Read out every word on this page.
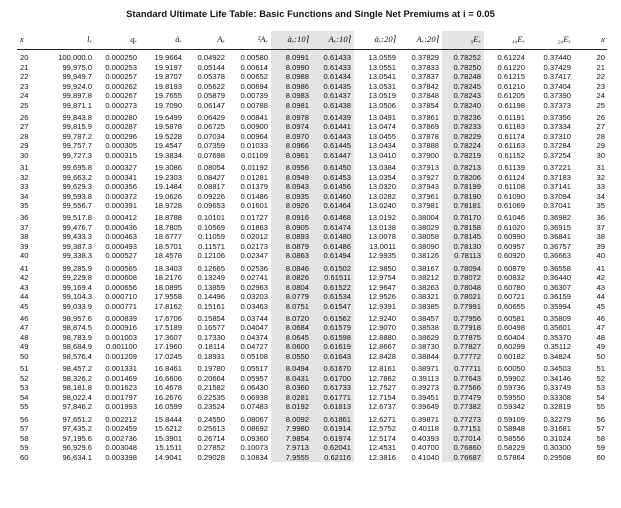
Standard Ultimate Life Table: Basic Functions and Single Net Premiums at i = 0.05
x	lₓ	qₓ	äₓ	Aₓ	²Aₓ	äₓ:10⌉	Aₓ:10⌉	äₓ:20⌉	Aₓ:20⌉	₅Eₓ	₁₀Eₓ	₂₀Eₓ	x
20	100,000.0	0.000250	19.9664	0.04922	0.00580	8.0991	0.61433	13.0559	0.37829	0.78252	0.61224	0.37440	20
21	99,975.0	0.000253	19.9197	0.05144	0.00614	8.0990	0.61433	13.0551	0.37833	0.78250	0.61220	0.37429	21
22	99,949.7	0.000257	19.8707	0.05378	0.00652	8.0988	0.61434	13.0541	0.37837	0.78248	0.61215	0.37417	22
23	99,924.0	0.000262	19.8193	0.05622	0.00694	8.0986	0.61435	13.0531	0.37842	0.78245	0.61210	0.37404	23
24	99,897.8	0.000267	19.7655	0.05879	0.00739	8.0983	0.61437	13.0519	0.37848	0.78243	0.61205	0.37390	24
25	99,871.1	0.000273	19.7090	0.06147	0.00788	8.0981	0.61438	13.0506	0.37854	0.78240	0.61198	0.37373	25

26	99,843.8	0.000280	19.6499	0.06429	0.00841	8.0978	0.61439	13.0491	0.37861	0.78236	0.61191	0.37356	26
27	99,815.9	0.000287	19.5878	0.06725	0.00900	8.0974	0.61441	13.0474	0.37869	0.78233	0.61183	0.37334	27
28	99,787.2	0.000296	19.5228	0.07034	0.00964	8.0970	0.61443	13.0455	0.37878	0.78229	0.61174	0.37310	28
29	99,757.7	0.000305	19.4547	0.07359	0.01033	8.0966	0.61445	13.0434	0.37888	0.78224	0.61163	0.37284	29
30	99,727.3	0.000315	19.3834	0.07698	0.01109	8.0961	0.61447	13.0410	0.37900	0.78219	0.61152	0.37254	30

31	99,695.8	0.000327	19.3086	0.08054	0.01192	8.0956	0.61450	13.0384	0.37913	0.78213	0.61139	0.37221	31
32	99,663.2	0.000341	19.2303	0.08427	0.01281	8.0949	0.61453	13.0354	0.37927	0.78206	0.61124	0.37183	32
33	99,629.3	0.000356	19.1484	0.08817	0.01379	8.0943	0.61456	13.0320	0.37943	0.78199	0.61108	0.37141	33
34	99,593.8	0.000372	19.0626	0.09226	0.01486	8.0935	0.61460	13.0282	0.37961	0.78190	0.61090	0.37094	34
35	99,556.7	0.000391	18.9728	0.09653	0.01601	8.0926	0.61464	13.0240	0.37981	0.78181	0.61069	0.37041	35

36	99,517.8	0.000412	18.8788	0.10101	0.01727	8.0916	0.61468	13.0192	0.38004	0.78170	0.61046	0.36982	36
37	99,476.7	0.000436	18.7805	0.10569	0.01863	8.0905	0.61474	13.0138	0.38029	0.78158	0.61020	0.36915	37
38	99,433.3	0.000463	18.6777	0.11059	0.02012	8.0893	0.61480	13.0078	0.38058	0.78145	0.60990	0.36841	38
39	99,387.3	0.000493	18.5701	0.11571	0.02173	8.0879	0.61486	13.0011	0.38090	0.78130	0.60957	0.36757	39
40	99,338.3	0.000527	18.4578	0.12106	0.02347	8.0863	0.61494	12.9935	0.38126	0.78113	0.60920	0.36663	40

41	99,285.9	0.000565	18.3403	0.12665	0.02536	8.0846	0.61502	12.9850	0.38167	0.78094	0.60879	0.36558	41
42	99,229.8	0.000608	18.2176	0.13249	0.02741	8.0826	0.61511	12.9754	0.38212	0.78072	0.60832	0.36440	42
43	99,169.4	0.000656	18.0895	0.13859	0.02963	8.0804	0.61522	12.9647	0.38263	0.78048	0.60780	0.36307	43
44	99,104.3	0.000710	17.9558	0.14496	0.03203	8.0779	0.61534	12.9526	0.38321	0.78021	0.60721	0.36159	44
45	99,033.9	0.000771	17.8162	0.15161	0.03463	8.0751	0.61547	12.9391	0.38385	0.77991	0.60655	0.35994	45

46	98,957.6	0.000839	17.6706	0.15854	0.03744	8.0720	0.61562	12.9240	0.38457	0.77956	0.60581	0.35809	46
47	98,874.5	0.000916	17.5189	0.16577	0.04047	8.0684	0.61579	12.9070	0.38538	0.77918	0.60498	0.35601	47
48	98,783.9	0.001003	17.3607	0.17330	0.04374	8.0645	0.61598	12.8880	0.38629	0.77875	0.60404	0.35370	48
49	98,684.9	0.001100	17.1960	0.18114	0.04727	8.0600	0.61619	12.8667	0.38730	0.77827	0.60299	0.35112	49
50	98,576.4	0.001209	17.0245	0.18931	0.05108	8.0550	0.61643	12.8428	0.38844	0.77772	0.60182	0.34824	50

51	98,457.2	0.001331	16.8461	0.19780	0.05517	8.0494	0.61670	12.8161	0.38971	0.77711	0.60050	0.34503	51
52	98,326.2	0.001469	16.6606	0.20664	0.05957	8.0431	0.61700	12.7862	0.39113	0.77643	0.59902	0.34146	52
53	98,181.8	0.001623	16.4678	0.21582	0.06430	8.0360	0.61733	12.7527	0.39273	0.77566	0.59736	0.33749	53
54	98,022.4	0.001797	16.2676	0.22535	0.06938	8.0281	0.61771	12.7154	0.39451	0.77479	0.59550	0.33308	54
55	97,846.2	0.001993	16.0599	0.23524	0.07483	8.0192	0.61813	12.6737	0.39649	0.77382	0.59342	0.32819	55

56	97,651.2	0.002212	15.8444	0.24550	0.08067	8.0092	0.61861	12.6271	0.39871	0.77273	0.59109	0.32279	56
57	97,435.2	0.002459	15.6212	0.25613	0.08692	7.9980	0.61914	12.5752	0.40118	0.77151	0.58848	0.31681	57
58	97,195.6	0.002736	15.3901	0.26714	0.09360	7.9854	0.61974	12.5174	0.40393	0.77014	0.58556	0.31024	58
59	96,929.6	0.003048	15.1511	0.27852	0.10073	7.9713	0.62041	12.4531	0.40700	0.76860	0.58229	0.30300	59
60	96,634.1	0.003398	14.9041	0.29028	0.10834	7.9555	0.62116	12.3816	0.41040	0.76687	0.57864	0.29508	60
